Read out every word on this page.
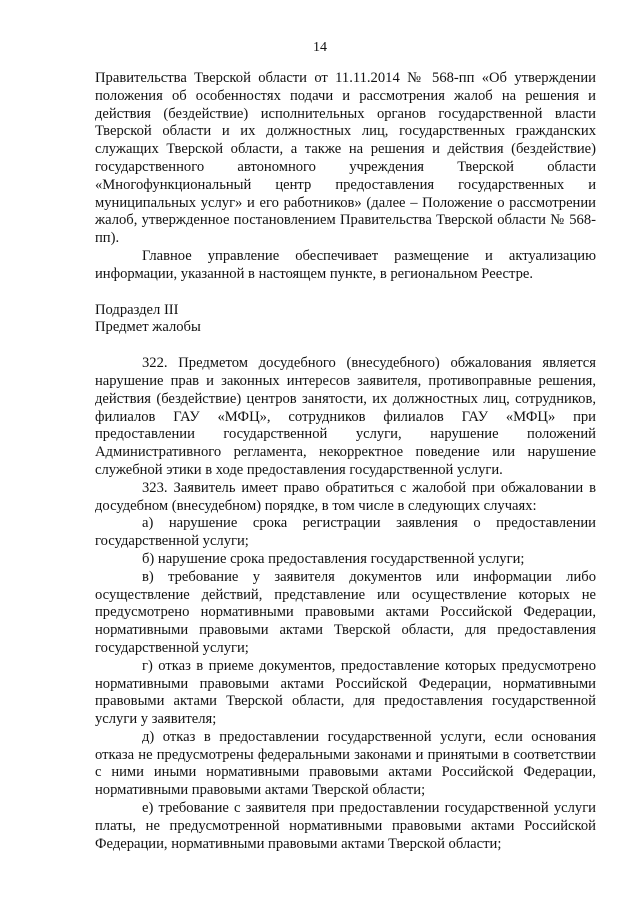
14

Правительства Тверской области от 11.11.2014 № 568-пп «Об утверждении положения об особенностях подачи и рассмотрения жалоб на решения и действия (бездействие) исполнительных органов государственной власти Тверской области и их должностных лиц, государственных гражданских служащих Тверской области, а также на решения и действия (бездействие) государственного автономного учреждения Тверской области «Многофункциональный центр предоставления государственных и муниципальных услуг» и его работников» (далее – Положение о рассмотрении жалоб, утвержденное постановлением Правительства Тверской области № 568-пп).

Главное управление обеспечивает размещение и актуализацию информации, указанной в настоящем пункте, в региональном Реестре.

Подраздел III

Предмет жалобы

322. Предметом досудебного (внесудебного) обжалования является нарушение прав и законных интересов заявителя, противоправные решения, действия (бездействие) центров занятости, их должностных лиц, сотрудников, филиалов ГАУ «МФЦ», сотрудников филиалов ГАУ «МФЦ» при предоставлении государственной услуги, нарушение положений Административного регламента, некорректное поведение или нарушение служебной этики в ходе предоставления государственной услуги.

323. Заявитель имеет право обратиться с жалобой при обжаловании в досудебном (внесудебном) порядке, в том числе в следующих случаях:

а) нарушение срока регистрации заявления о предоставлении государственной услуги;

б) нарушение срока предоставления государственной услуги;

в) требование у заявителя документов или информации либо осуществление действий, представление или осуществление которых не предусмотрено нормативными правовыми актами Российской Федерации, нормативными правовыми актами Тверской области, для предоставления государственной услуги;

г) отказ в приеме документов, предоставление которых предусмотрено нормативными правовыми актами Российской Федерации, нормативными правовыми актами Тверской области, для предоставления государственной услуги у заявителя;

д) отказ в предоставлении государственной услуги, если основания отказа не предусмотрены федеральными законами и принятыми в соответствии с ними иными нормативными правовыми актами Российской Федерации, нормативными правовыми актами Тверской области;

е) требование с заявителя при предоставлении государственной услуги платы, не предусмотренной нормативными правовыми актами Российской Федерации, нормативными правовыми актами Тверской области;
